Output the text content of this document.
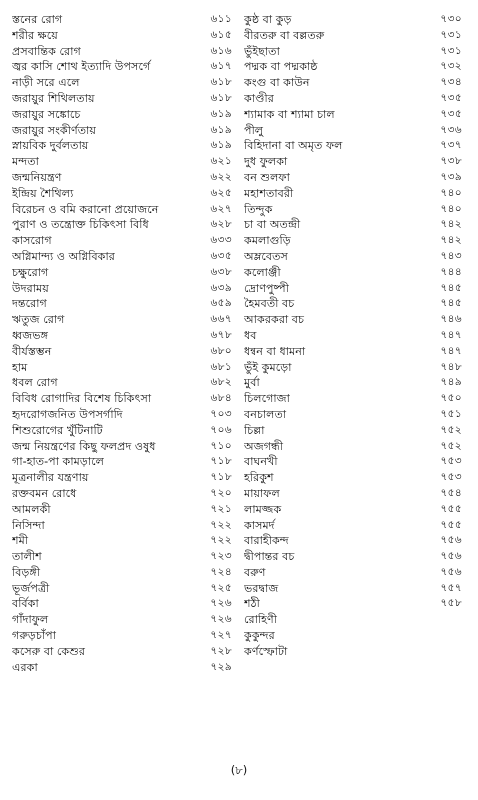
স্তনের রোগ	৬১১
শরীর ক্ষয়ে	৬১৫
প্রসবান্তিক রোগ	৬১৬
জ্বর কাসি শোথ ইত্যাদি উপসর্গে	৬১৭
নাড়ী সরে এলে	৬১৮
জরায়ুর শিথিলতায়	৬১৮
জরায়ুর সঙ্কোচে	৬১৯
জরায়ুর সংকীর্ণতায়	৬১৯
স্নায়বিক দুর্বলতায়	৬১৯
মন্দতা	৬২১
জন্মনিয়ন্ত্রণ	৬২২
ইন্দ্রিয় শৈথিল্য	৬২৫
বিরেচন ও বমি করানো প্রয়োজনে	৬২৭
পুরাণ ও তন্ত্রোক্ত চিকিৎসা বিধি	৬২৮
কাসরোগ	৬৩৩
অগ্নিমান্দ্য ও অগ্নিবিকার	৬৩৫
চক্ষুরোগ	৬৩৮
উদরাময়	৬৩৯
দন্তরোগ	৬৫৯
ঋতুজ রোগ	৬৬৭
ধ্বজভঙ্গ	৬৭৮
বীর্যস্তম্ভন	৬৮০
হাম	৬৮১
ধবল রোগ	৬৮২
বিবিধ রোগাদির বিশেষ চিকিৎসা	৬৮৪
হৃদরোগজনিত উপসর্গাদি	৭০৩
শিশুরোগের খুঁটিনাটি	৭০৬
জন্ম নিয়ন্ত্রণের কিছু ফলপ্রদ ওষুধ	৭১০
গা-হাত-পা কামড়ালে	৭১৮
মূত্রনালীর যন্ত্রণায়	৭১৮
রক্তবমন রোধে	৭২০
আমলকী	৭২১
নিসিন্দা	৭২২
শমী	৭২২
তালীশ	৭২৩
বিড়ঙ্গী	৭২৪
ভূর্জপত্রী	৭২৫
বর্বিকা	৭২৬
গাঁদাফুল	৭২৬
গরুড়চাঁপা	৭২৭
কসেরু বা কেশুর	৭২৮
এরকা	৭২৯
কুষ্ঠ বা কুড়	৭৩০
বীরতরু বা বল্লতরু	৭৩১
ভুঁইছাতা	৭৩১
পদ্মক বা পদ্মকাষ্ঠ	৭৩২
কংগু বা কাউন	৭৩৪
কাণ্ডীর	৭৩৫
শ্যামাক বা শ্যামা চাল	৭৩৫
পীলু	৭৩৬
বিহিদানা বা অমৃত ফল	৭৩৭
দুধ ফুলকা	৭৩৮
বন শুলফা	৭৩৯
মহাশতাবরী	৭৪০
তিন্দুক	৭৪০
চা বা অতন্দ্রী	৭৪২
কমলাগুড়ি	৭৪২
অম্লবেতস	৭৪৩
কলোঞ্জী	৭৪৪
দ্রোণপুষ্পী	৭৪৫
হৈমবতী বচ	৭৪৫
আকরকরা বচ	৭৪৬
ধব	৭৪৭
ধন্বন বা ধামনা	৭৪৭
ভুঁই কুমড়ো	৭৪৮
মুর্বা	৭৪৯
চিলগোজা	৭৫০
বনচালতা	৭৫১
চিল্লা	৭৫২
অজগন্ধী	৭৫২
বাঘনখী	৭৫৩
হরিকুশ	৭৫৩
মায়াফল	৭৫৪
লামজ্জক	৭৫৫
কাসমর্দ	৭৫৫
বারাহীকন্দ	৭৫৬
দ্বীপান্তর বচ	৭৫৬
বরুণ	৭৫৬
ভরদ্বাজ	৭৫৭
শঠী	৭৫৮
রোহিণী
কুকুন্দর
কর্ণস্ফোটা
(৮)
